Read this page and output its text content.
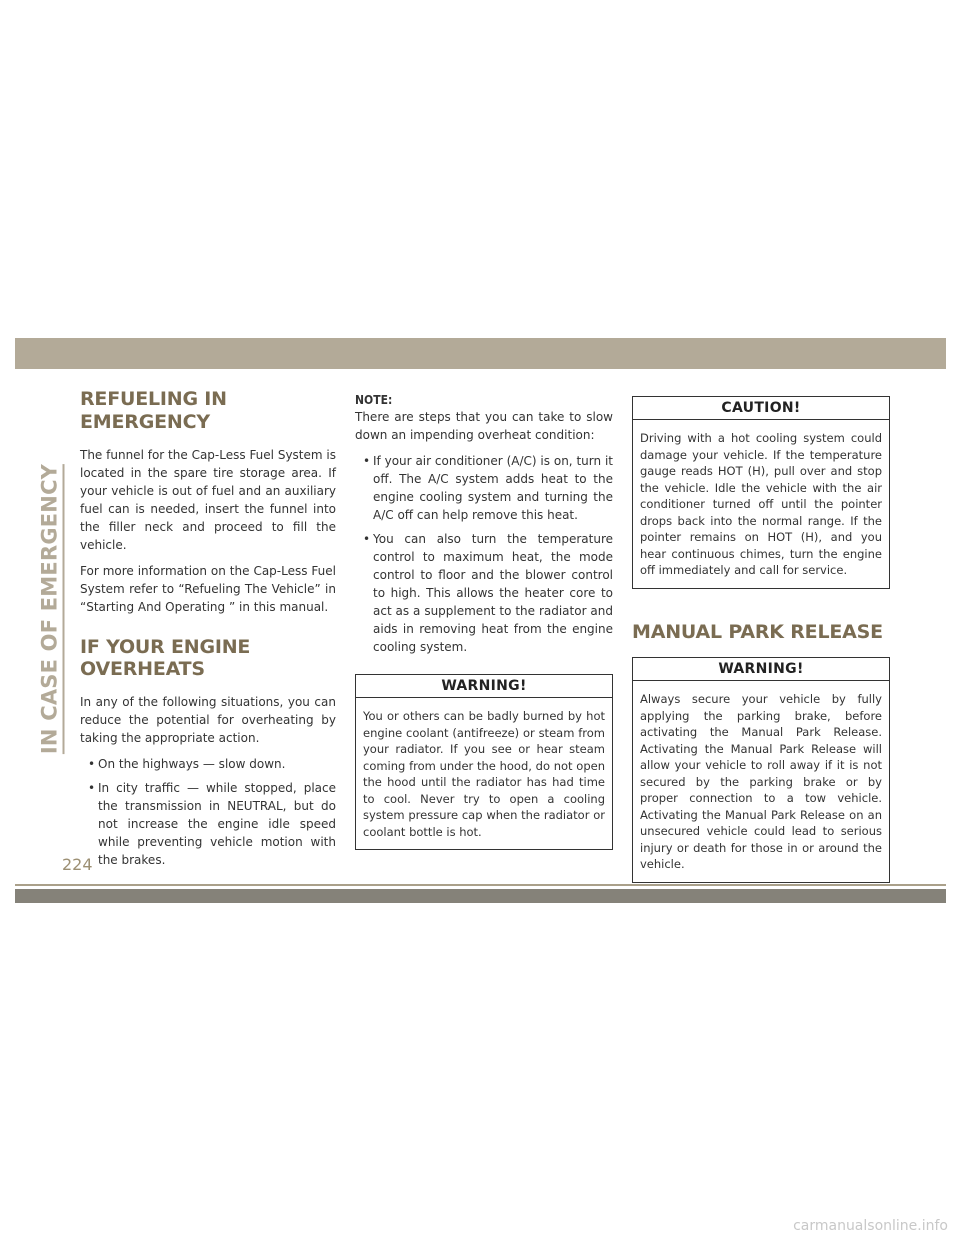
IN CASE OF EMERGENCY
REFUELING IN EMERGENCY

The funnel for the Cap-Less Fuel System is located in the spare tire storage area. If your vehicle is out of fuel and an auxiliary fuel can is needed, insert the funnel into the filler neck and proceed to fill the vehicle.

For more information on the Cap-Less Fuel System refer to “Refueling The Vehicle” in “Starting And Operating ” in this manual.

IF YOUR ENGINE OVERHEATS

In any of the following situations, you can reduce the potential for overheating by taking the appropriate action.

• On the highways — slow down.
• In city traffic — while stopped, place the transmission in NEUTRAL, but do not increase the engine idle speed while preventing vehicle motion with the brakes.
NOTE:

There are steps that you can take to slow down an impending overheat condition:

• If your air conditioner (A/C) is on, turn it off. The A/C system adds heat to the engine cooling system and turning the A/C off can help remove this heat.
• You can also turn the temperature control to maximum heat, the mode control to floor and the blower control to high. This allows the heater core to act as a supplement to the radiator and aids in removing heat from the engine cooling system.
WARNING!
You or others can be badly burned by hot engine coolant (antifreeze) or steam from your radiator. If you see or hear steam coming from under the hood, do not open the hood until the radiator has had time to cool. Never try to open a cooling system pressure cap when the radiator or coolant bottle is hot.
CAUTION!
Driving with a hot cooling system could damage your vehicle. If the temperature gauge reads HOT (H), pull over and stop the vehicle. Idle the vehicle with the air conditioner turned off until the pointer drops back into the normal range. If the pointer remains on HOT (H), and you hear continuous chimes, turn the engine off immediately and call for service.
MANUAL PARK RELEASE
WARNING!
Always secure your vehicle by fully applying the parking brake, before activating the Manual Park Release. Activating the Manual Park Release will allow your vehicle to roll away if it is not secured by the parking brake or by proper connection to a tow vehicle. Activating the Manual Park Release on an unsecured vehicle could lead to serious injury or death for those in or around the vehicle.
224
carmanualsonline.info
